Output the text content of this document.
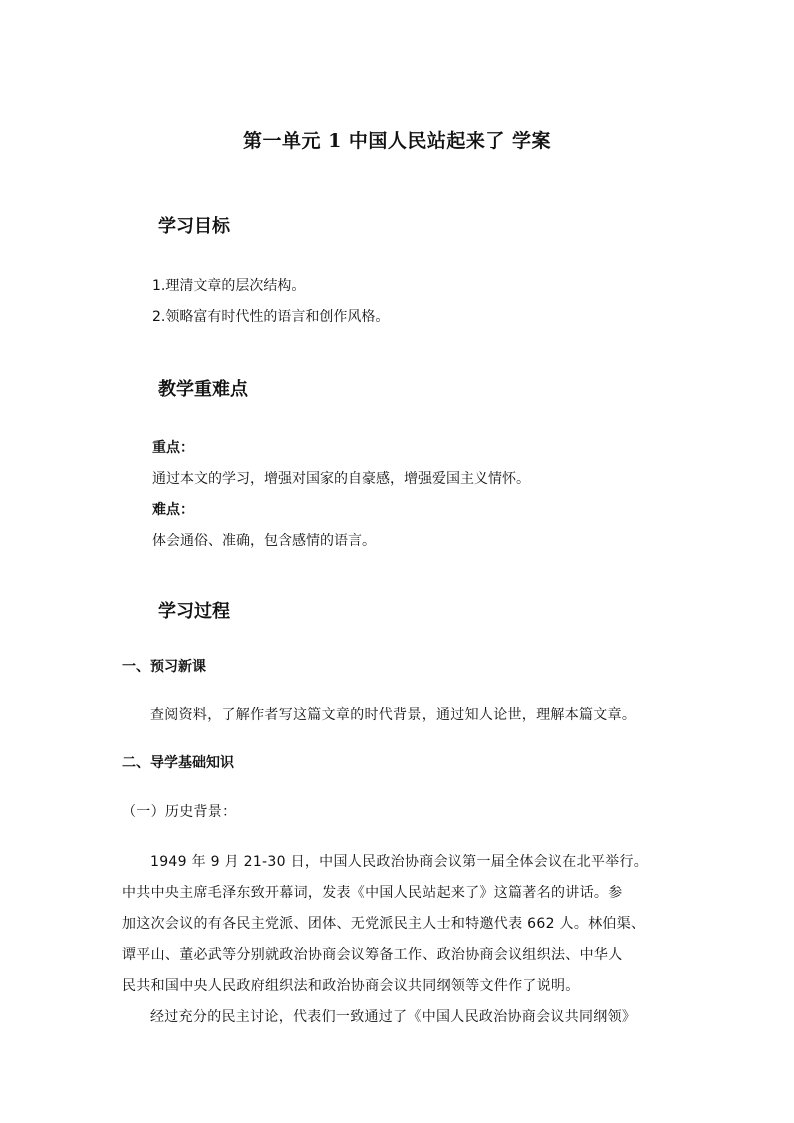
第一单元 1 中国人民站起来了 学案
学习目标
1.理清文章的层次结构。
2.领略富有时代性的语言和创作风格。
教学重难点
重点：
通过本文的学习，增强对国家的自豪感，增强爱国主义情怀。
难点：
体会通俗、准确，包含感情的语言。
学习过程
一、预习新课
查阅资料，了解作者写这篇文章的时代背景，通过知人论世，理解本篇文章。
二、导学基础知识
（一）历史背景：
1949 年 9 月 21-30 日，中国人民政治协商会议第一届全体会议在北平举行。
中共中央主席毛泽东致开幕词，发表《中国人民站起来了》这篇著名的讲话。参
加这次会议的有各民主党派、团体、无党派民主人士和特邀代表 662 人。林伯渠、
谭平山、董必武等分别就政治协商会议筹备工作、政治协商会议组织法、中华人
民共和国中央人民政府组织法和政治协商会议共同纲领等文件作了说明。
经过充分的民主讨论，代表们一致通过了《中国人民政治协商会议共同纲领》
